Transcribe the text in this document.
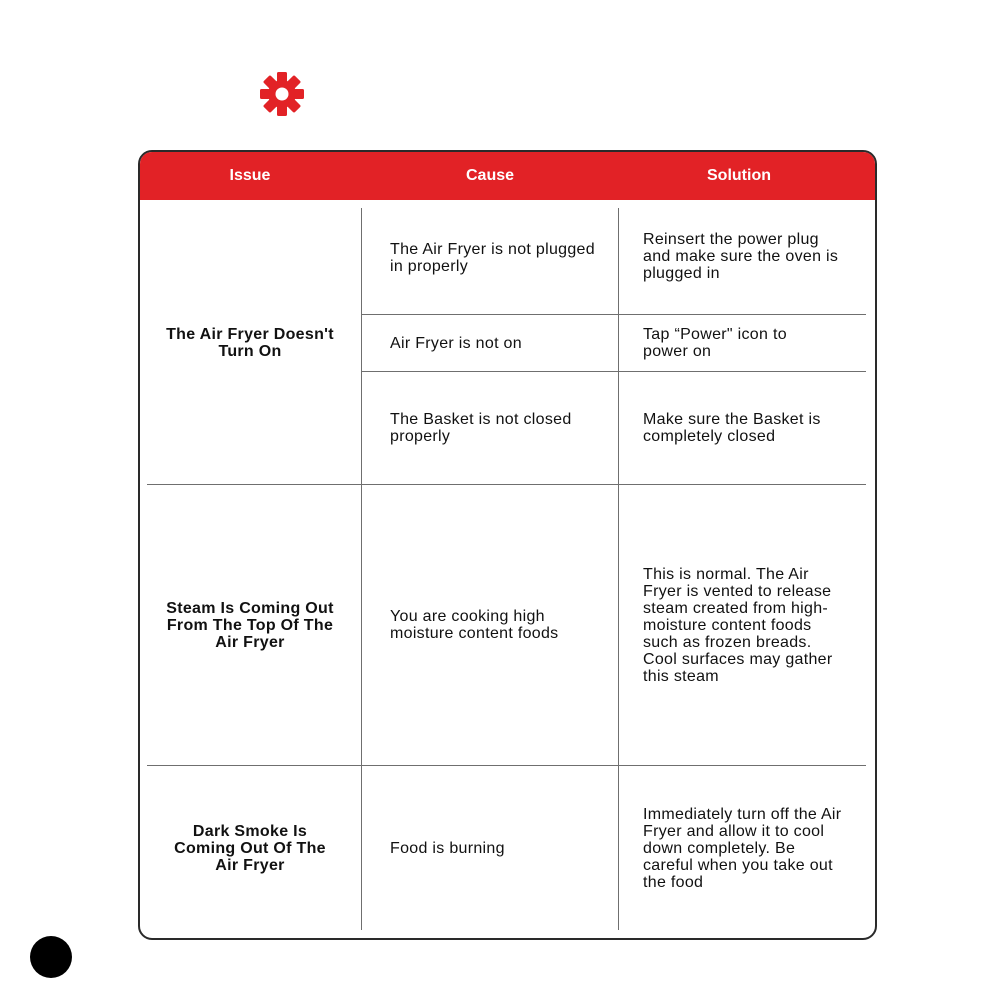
Issue	Cause	Solution
The Air Fryer Doesn't Turn On
The Air Fryer is not plugged in properly
Reinsert the power plug and make sure the oven is plugged in
Air Fryer is not on
Tap “Power" icon to power on
The Basket is not closed properly
Make sure the Basket is completely closed
Steam Is Coming Out From The Top Of The Air Fryer
You are cooking high moisture content foods
This is normal. The Air Fryer is vented to release steam created from high-moisture content foods such as frozen breads. Cool surfaces may gather this steam
Dark Smoke Is Coming Out Of The Air Fryer
Food is burning
Immediately turn off the Air Fryer and allow it to cool down completely. Be careful when you take out the food
